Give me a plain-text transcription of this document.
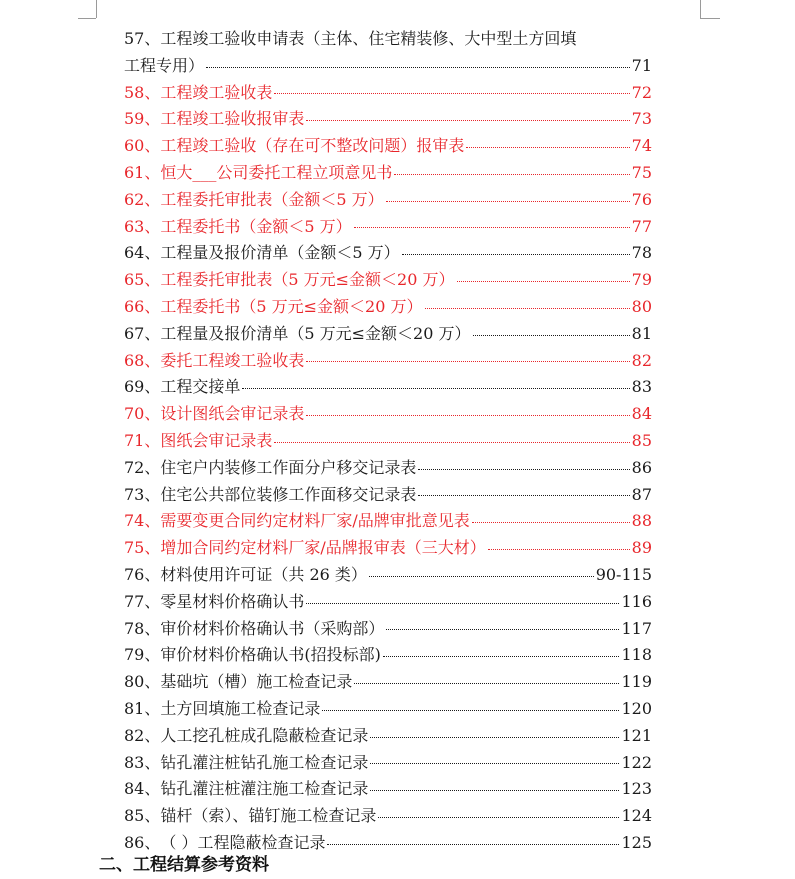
57、 工程竣工验收申请表（主体、住宅精装修、大中型土方回填
工程专用）	71
58、 工程竣工验收表	72
59、 工程竣工验收报审表	73
60、 工程竣工验收（存在可不整改问题）报审表	74
61、 恒大___公司委托工程立项意见书	75
62、 工程委托审批表（金额＜5 万）	76
63、 工程委托书（金额＜5 万）	77
64、 工程量及报价清单（金额＜5 万）	78
65、 工程委托审批表（5 万元≤金额＜20 万）	79
66、 工程委托书（5 万元≤金额＜20 万）	80
67、 工程量及报价清单（5 万元≤金额＜20 万）	81
68、 委托工程竣工验收表	82
69、 工程交接单	83
70、 设计图纸会审记录表	84
71、 图纸会审记录表	85
72、 住宅户内装修工作面分户移交记录表	86
73、 住宅公共部位装修工作面移交记录表	87
74、 需要变更合同约定材料厂家/品牌审批意见表	88
75、 增加合同约定材料厂家/品牌报审表（三大材）	89
76、 材料使用许可证（共 26 类）	90-115
77、 零星材料价格确认书	116
78、 审价材料价格确认书（采购部）	117
79、 审价材料价格确认书(招投标部)	118
80、 基础坑（槽）施工检查记录	119
81、 土方回填施工检查记录	120
82、 人工挖孔桩成孔隐蔽检查记录	121
83、 钻孔灌注桩钻孔施工检查记录	122
84、 钻孔灌注桩灌注施工检查记录	123
85、 锚杆（索）、锚钉施工检查记录	124
86、 （ ）工程隐蔽检查记录	125
二、工程结算参考资料
